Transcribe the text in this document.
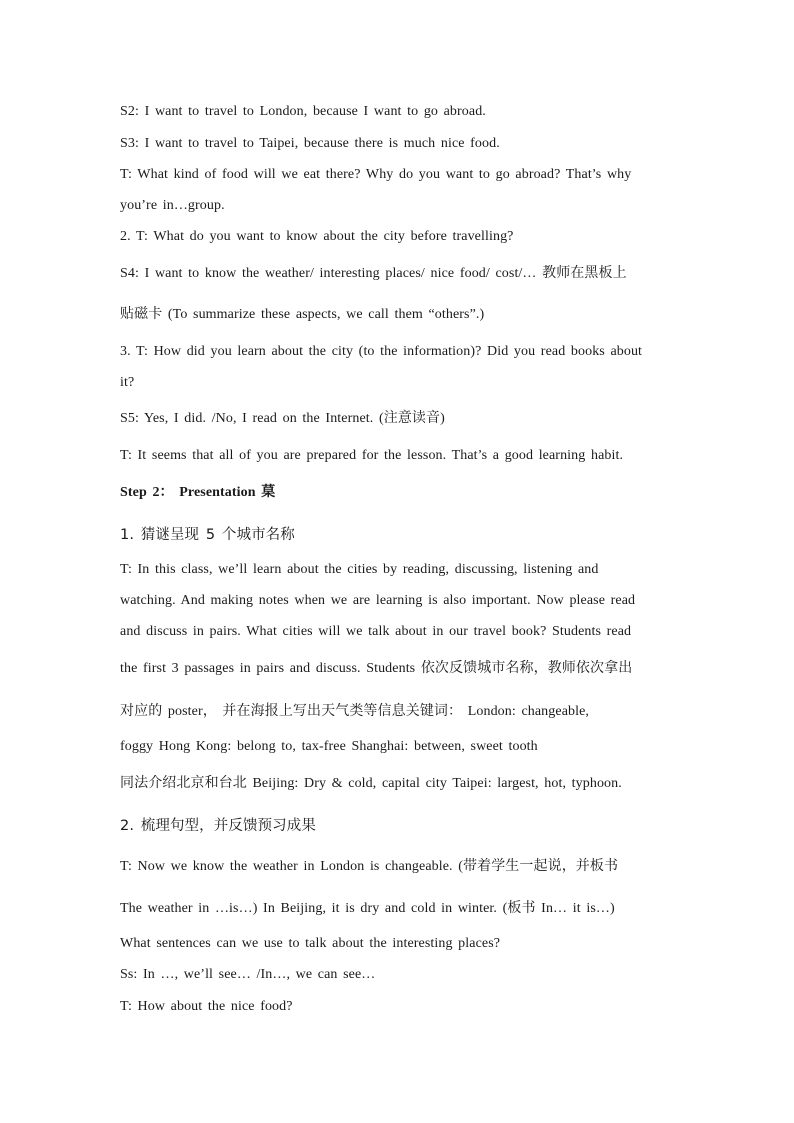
S2: I want to travel to London, because I want to go abroad.
S3: I want to travel to Taipei, because there is much nice food.
T: What kind of food will we eat there? Why do you want to go abroad? That’s why
you’re in…group.
2. T: What do you want to know about the city before travelling?
S4: I want to know the weather/ interesting places/ nice food/ cost/… 教师在黑板上
贴磁卡 (To summarize these aspects, we call them “others”.)
3. T: How did you learn about the city (to the information)? Did you read books about
it?
S5: Yes, I did. /No, I read on the Internet. (注意读音)
T: It seems that all of you are prepared for the lesson. That’s a good learning habit.
Step 2： Presentation 菒
1. 猜谜呈现 5 个城市名称
T: In this class, we’ll learn about the cities by reading, discussing, listening and
watching. And making notes when we are learning is also important. Now please read
and discuss in pairs. What cities will we talk about in our travel book? Students read
the first 3 passages in pairs and discuss. Students 依次反馈城市名称，教师依次拿出
对应的 poster， 并在海报上写出天气类等信息关键词： London: changeable,
foggy Hong Kong: belong to, tax-free Shanghai: between, sweet tooth
同法介绍北京和台北 Beijing: Dry & cold, capital city Taipei: largest, hot, typhoon.
2. 梳理句型，并反馈预习成果
T: Now we know the weather in London is changeable. (带着学生一起说，并板书
The weather in …is…) In Beijing, it is dry and cold in winter. (板书 In… it is…)
What sentences can we use to talk about the interesting places?
Ss: In …, we’ll see… /In…, we can see…
T: How about the nice food?
